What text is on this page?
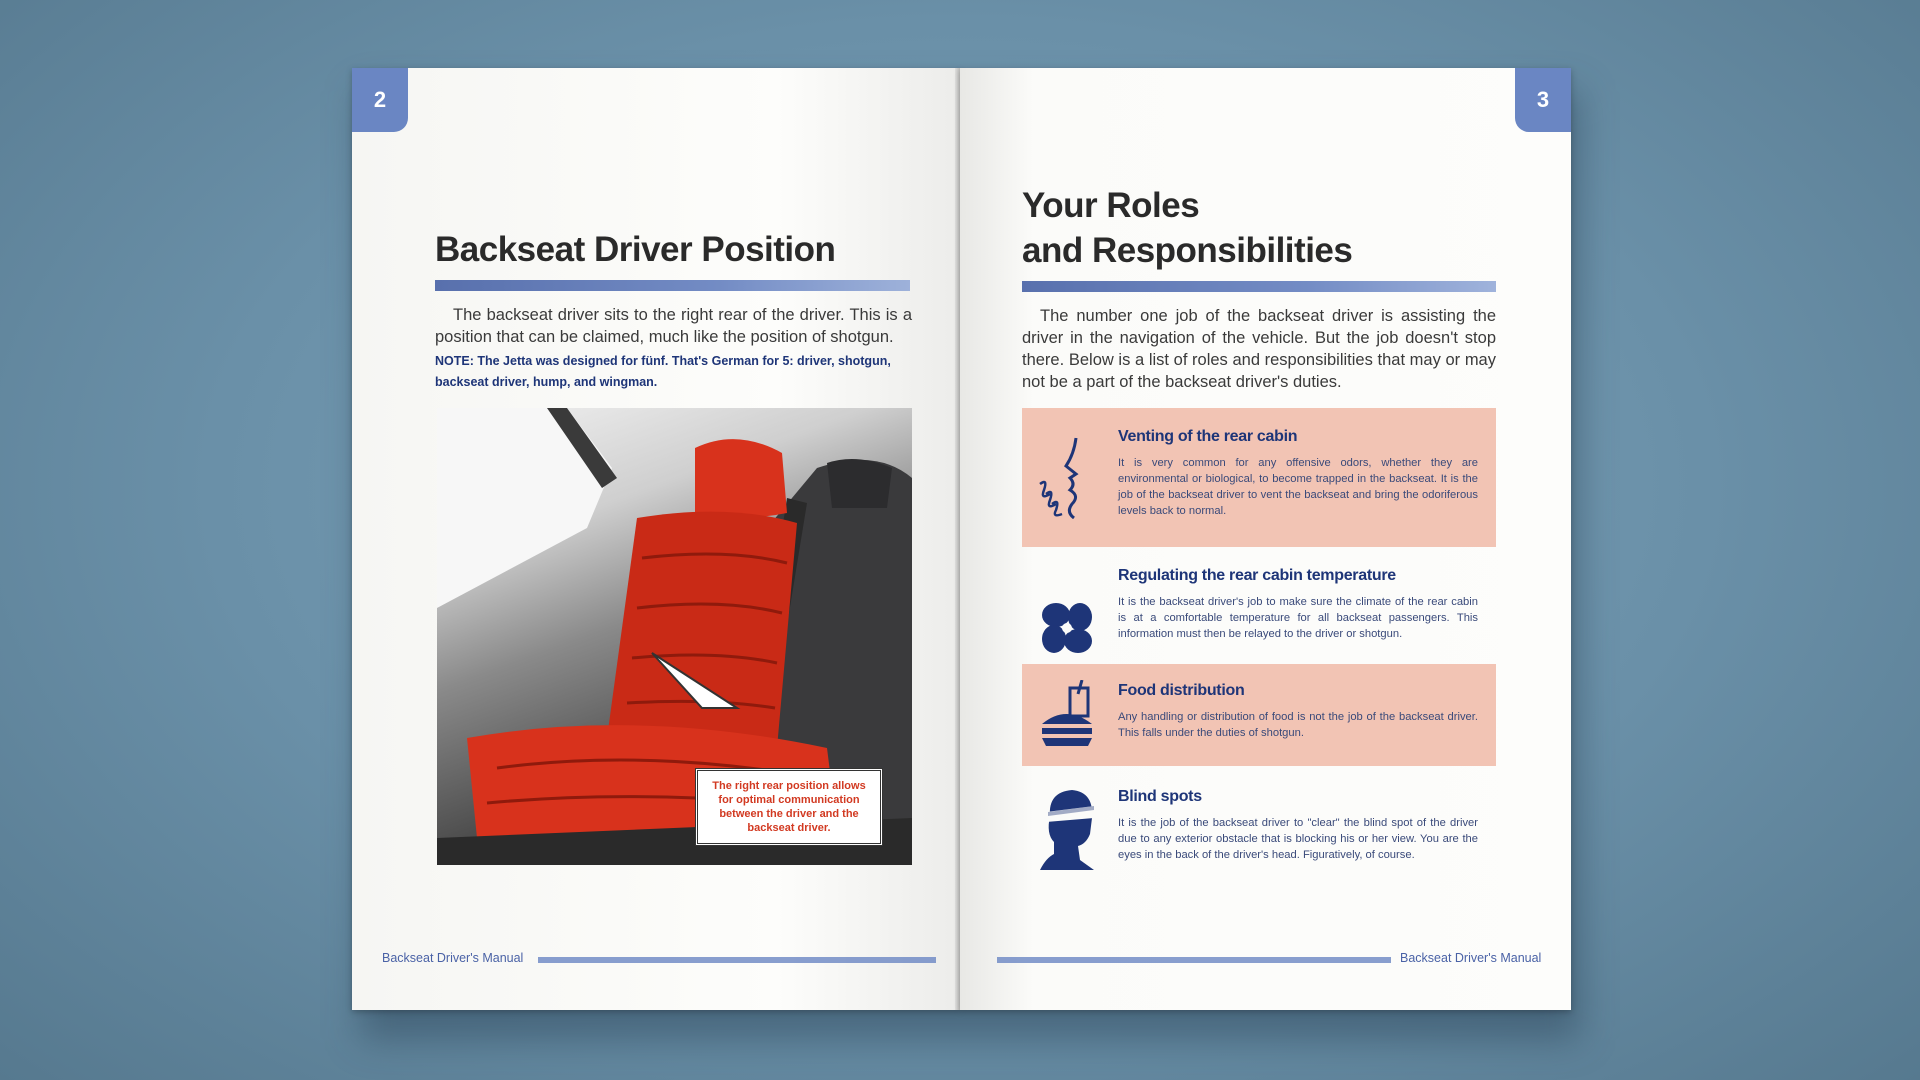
2
Backseat Driver Position

The backseat driver sits to the right rear of the driver. This is a position that can be claimed, much like the position of shotgun.

NOTE: The Jetta was designed for fünf. That's German for 5: driver, shotgun, backseat driver, hump, and wingman.

The right rear position allows for optimal communication between the driver and the backseat driver.
Backseat Driver's Manual
3
Your Roles
and Responsibilities

The number one job of the backseat driver is assisting the driver in the navigation of the vehicle. But the job doesn't stop there. Below is a list of roles and responsibilities that may or may not be a part of the backseat driver's duties.

Venting of the rear cabin

It is very common for any offensive odors, whether they are environmental or biological, to become trapped in the backseat. It is the job of the backseat driver to vent the backseat and bring the odoriferous levels back to normal.

Regulating the rear cabin temperature

It is the backseat driver's job to make sure the climate of the rear cabin is at a comfortable temperature for all backseat passengers. This information must then be relayed to the driver or shotgun.

Food distribution

Any handling or distribution of food is not the job of the backseat driver. This falls under the duties of shotgun.

Blind spots

It is the job of the backseat driver to "clear" the blind spot of the driver due to any exterior obstacle that is blocking his or her view. You are the eyes in the back of the driver's head. Figuratively, of course.

Backseat Driver's Manual
